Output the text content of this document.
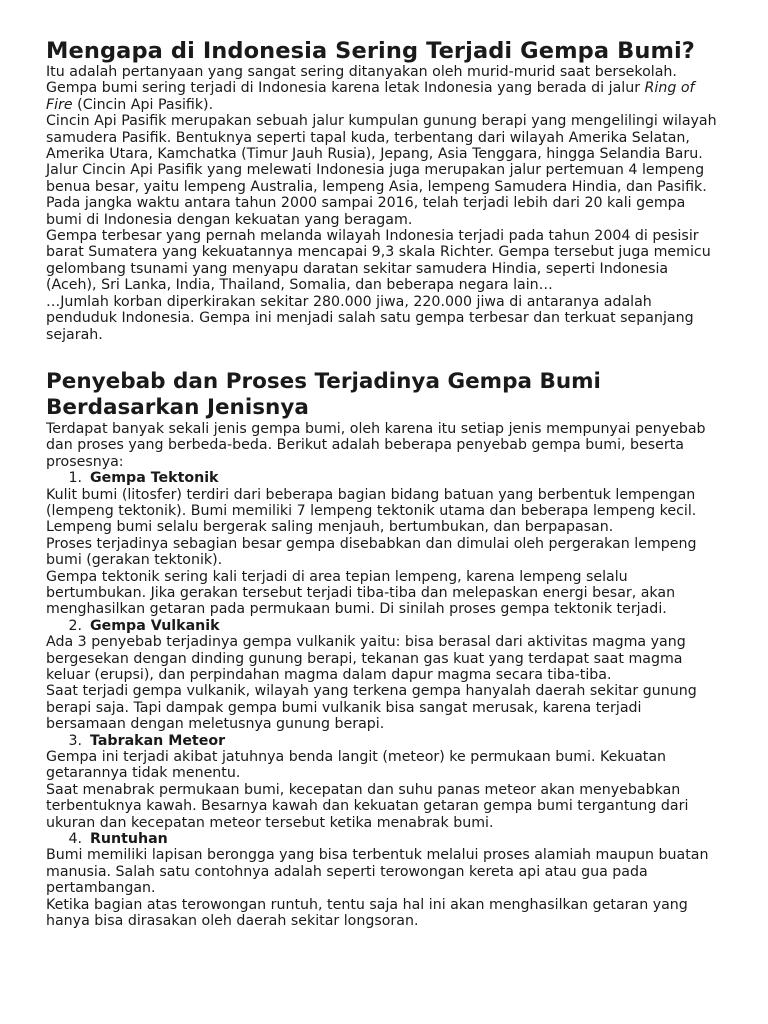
Mengapa di Indonesia Sering Terjadi Gempa Bumi?

Itu adalah pertanyaan yang sangat sering ditanyakan oleh murid-murid saat bersekolah.

Gempa bumi sering terjadi di Indonesia karena letak Indonesia yang berada di jalur Ring of Fire (Cincin Api Pasifik).

Cincin Api Pasifik merupakan sebuah jalur kumpulan gunung berapi yang mengelilingi wilayah samudera Pasifik. Bentuknya seperti tapal kuda, terbentang dari wilayah Amerika Selatan, Amerika Utara, Kamchatka (Timur Jauh Rusia), Jepang, Asia Tenggara, hingga Selandia Baru.

Jalur Cincin Api Pasifik yang melewati Indonesia juga merupakan jalur pertemuan 4 lempeng benua besar, yaitu lempeng Australia, lempeng Asia, lempeng Samudera Hindia, dan Pasifik.

Pada jangka waktu antara tahun 2000 sampai 2016, telah terjadi lebih dari 20 kali gempa bumi di Indonesia dengan kekuatan yang beragam.

Gempa terbesar yang pernah melanda wilayah Indonesia terjadi pada tahun 2004 di pesisir barat Sumatera yang kekuatannya mencapai 9,3 skala Richter. Gempa tersebut juga memicu gelombang tsunami yang menyapu daratan sekitar samudera Hindia, seperti Indonesia (Aceh), Sri Lanka, India, Thailand, Somalia, dan beberapa negara lain…

…Jumlah korban diperkirakan sekitar 280.000 jiwa, 220.000 jiwa di antaranya adalah penduduk Indonesia. Gempa ini menjadi salah satu gempa terbesar dan terkuat sepanjang sejarah.

Penyebab dan Proses Terjadinya Gempa Bumi Berdasarkan Jenisnya

Terdapat banyak sekali jenis gempa bumi, oleh karena itu setiap jenis mempunyai penyebab dan proses yang berbeda-beda. Berikut adalah beberapa penyebab gempa bumi, beserta prosesnya:

1. Gempa Tektonik

Kulit bumi (litosfer) terdiri dari beberapa bagian bidang batuan yang berbentuk lempengan (lempeng tektonik). Bumi memiliki 7 lempeng tektonik utama dan beberapa lempeng kecil. Lempeng bumi selalu bergerak saling menjauh, bertumbukan, dan berpapasan.

Proses terjadinya sebagian besar gempa disebabkan dan dimulai oleh pergerakan lempeng bumi (gerakan tektonik).

Gempa tektonik sering kali terjadi di area tepian lempeng, karena lempeng selalu bertumbukan. Jika gerakan tersebut terjadi tiba-tiba dan melepaskan energi besar, akan menghasilkan getaran pada permukaan bumi. Di sinilah proses gempa tektonik terjadi.

2. Gempa Vulkanik

Ada 3 penyebab terjadinya gempa vulkanik yaitu: bisa berasal dari aktivitas magma yang bergesekan dengan dinding gunung berapi, tekanan gas kuat yang terdapat saat magma keluar (erupsi), dan perpindahan magma dalam dapur magma secara tiba-tiba.

Saat terjadi gempa vulkanik, wilayah yang terkena gempa hanyalah daerah sekitar gunung berapi saja. Tapi dampak gempa bumi vulkanik bisa sangat merusak, karena terjadi bersamaan dengan meletusnya gunung berapi.

3. Tabrakan Meteor

Gempa ini terjadi akibat jatuhnya benda langit (meteor) ke permukaan bumi. Kekuatan getarannya tidak menentu.

Saat menabrak permukaan bumi, kecepatan dan suhu panas meteor akan menyebabkan terbentuknya kawah. Besarnya kawah dan kekuatan getaran gempa bumi tergantung dari ukuran dan kecepatan meteor tersebut ketika menabrak bumi.

4. Runtuhan

Bumi memiliki lapisan berongga yang bisa terbentuk melalui proses alamiah maupun buatan manusia. Salah satu contohnya adalah seperti terowongan kereta api atau gua pada pertambangan.

Ketika bagian atas terowongan runtuh, tentu saja hal ini akan menghasilkan getaran yang hanya bisa dirasakan oleh daerah sekitar longsoran.
